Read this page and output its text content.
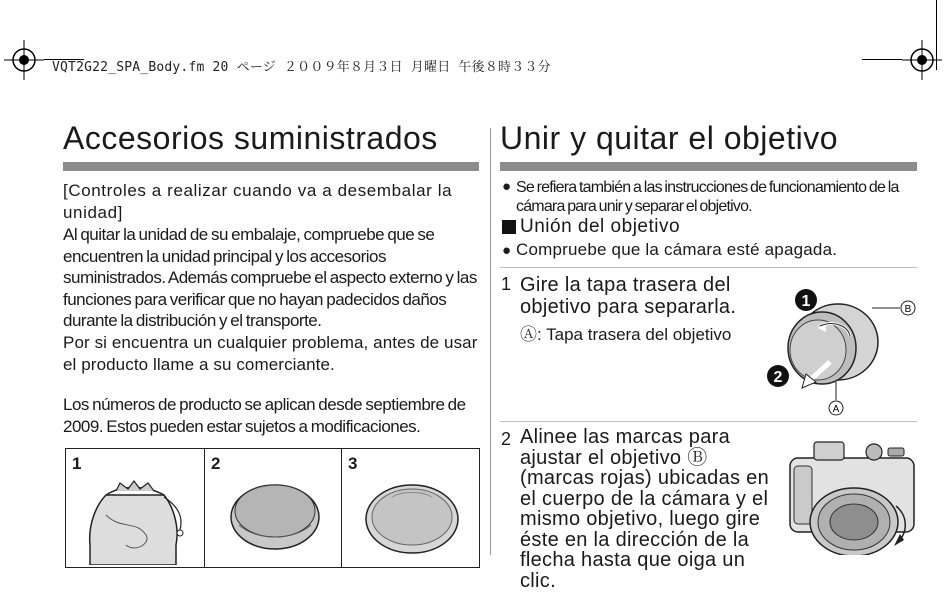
VQT2G22_SPA_Body.fm 20 ページ ２００９年８月３日 月曜日 午後８時３３分
Accesorios suministrados
[Controles a realizar cuando va a desembalar la unidad]
Al quitar la unidad de su embalaje, compruebe que se encuentren la unidad principal y los accesorios suministrados. Además compruebe el aspecto externo y las funciones para verificar que no hayan padecidos daños durante la distribución y el transporte.
Por si encuentra un cualquier problema, antes de usar el producto llame a su comerciante.
Los números de producto se aplican desde septiembre de 2009. Estos pueden estar sujetos a modificaciones.
1	2	3
Unir y quitar el objetivo
● Se refiera también a las instrucciones de funcionamiento de la cámara para unir y separar el objetivo.
Unión del objetivo
● Compruebe que la cámara esté apagada.
1 Gire la tapa trasera del objetivo para separarla.
Ⓐ: Tapa trasera del objetivo
1
2
B
A
2 Alinee las marcas para ajustar el objetivo Ⓑ (marcas rojas) ubicadas en el cuerpo de la cámara y el mismo objetivo, luego gire éste en la dirección de la flecha hasta que oiga un clic.
